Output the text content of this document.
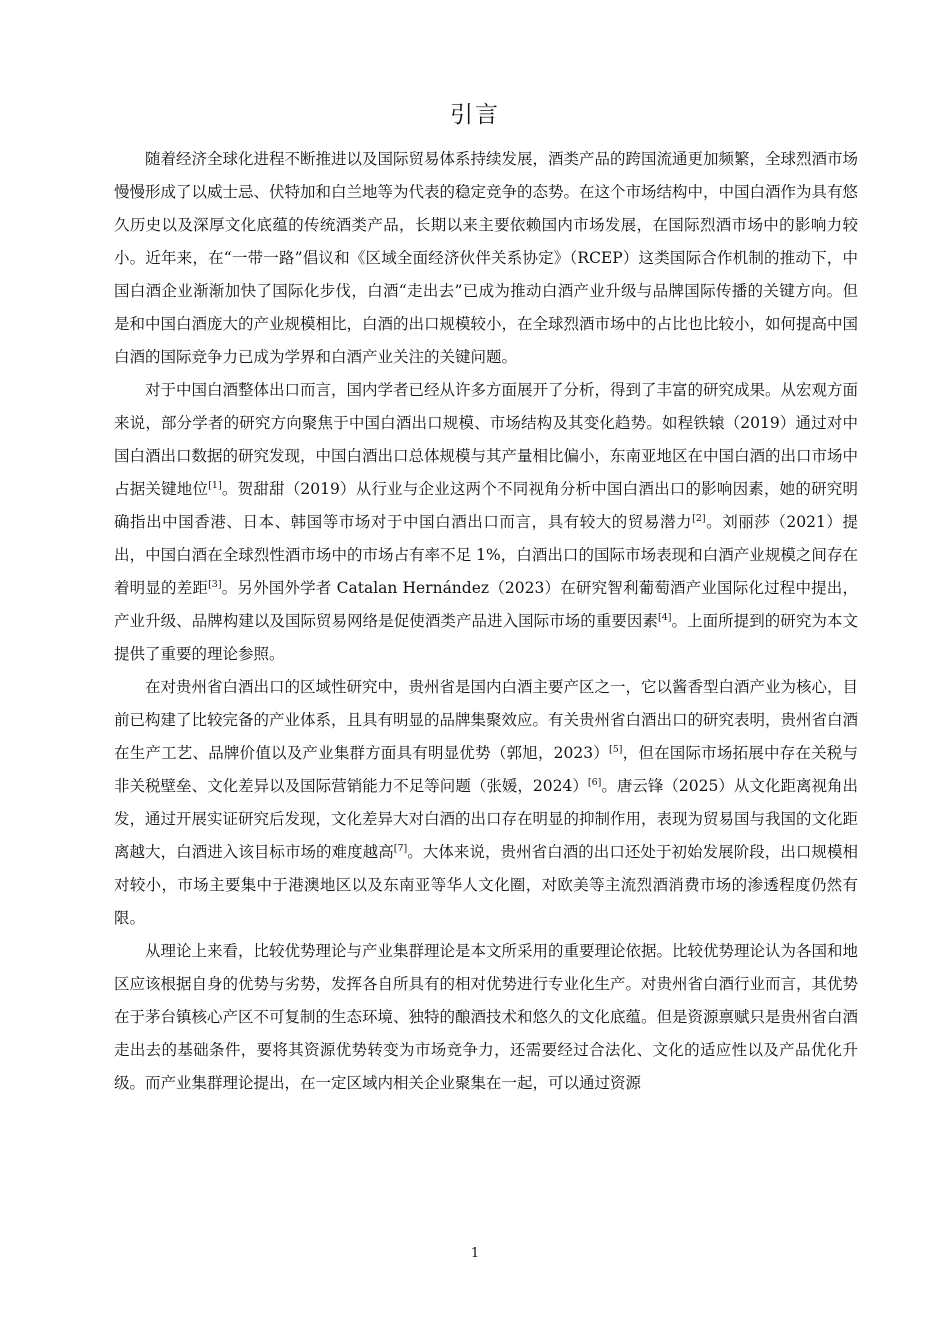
引言

随着经济全球化进程不断推进以及国际贸易体系持续发展，酒类产品的跨国流通更加频繁，全球烈酒市场慢慢形成了以威士忌、伏特加和白兰地等为代表的稳定竞争的态势。在这个市场结构中，中国白酒作为具有悠久历史以及深厚文化底蕴的传统酒类产品，长期以来主要依赖国内市场发展，在国际烈酒市场中的影响力较小。近年来，在“一带一路”倡议和《区域全面经济伙伴关系协定》（RCEP）这类国际合作机制的推动下，中国白酒企业渐渐加快了国际化步伐，白酒“走出去”已成为推动白酒产业升级与品牌国际传播的关键方向。但是和中国白酒庞大的产业规模相比，白酒的出口规模较小，在全球烈酒市场中的占比也比较小，如何提高中国白酒的国际竞争力已成为学界和白酒产业关注的关键问题。

对于中国白酒整体出口而言，国内学者已经从许多方面展开了分析，得到了丰富的研究成果。从宏观方面来说，部分学者的研究方向聚焦于中国白酒出口规模、市场结构及其变化趋势。如程铁辕（2019）通过对中国白酒出口数据的研究发现，中国白酒出口总体规模与其产量相比偏小，东南亚地区在中国白酒的出口市场中占据关键地位[1]。贺甜甜（2019）从行业与企业这两个不同视角分析中国白酒出口的影响因素，她的研究明确指出中国香港、日本、韩国等市场对于中国白酒出口而言，具有较大的贸易潜力[2]。刘丽莎（2021）提出，中国白酒在全球烈性酒市场中的市场占有率不足 1%，白酒出口的国际市场表现和白酒产业规模之间存在着明显的差距[3]。另外国外学者 Catalan Hernández（2023）在研究智利葡萄酒产业国际化过程中提出，产业升级、品牌构建以及国际贸易网络是促使酒类产品进入国际市场的重要因素[4]。上面所提到的研究为本文提供了重要的理论参照。

在对贵州省白酒出口的区域性研究中，贵州省是国内白酒主要产区之一，它以酱香型白酒产业为核心，目前已构建了比较完备的产业体系，且具有明显的品牌集聚效应。有关贵州省白酒出口的研究表明，贵州省白酒在生产工艺、品牌价值以及产业集群方面具有明显优势（郭旭，2023）[5]，但在国际市场拓展中存在关税与非关税壁垒、文化差异以及国际营销能力不足等问题（张媛，2024）[6]。唐云锋（2025）从文化距离视角出发，通过开展实证研究后发现，文化差异大对白酒的出口存在明显的抑制作用，表现为贸易国与我国的文化距离越大，白酒进入该目标市场的难度越高[7]。大体来说，贵州省白酒的出口还处于初始发展阶段，出口规模相对较小，市场主要集中于港澳地区以及东南亚等华人文化圈，对欧美等主流烈酒消费市场的渗透程度仍然有限。

从理论上来看，比较优势理论与产业集群理论是本文所采用的重要理论依据。比较优势理论认为各国和地区应该根据自身的优势与劣势，发挥各自所具有的相对优势进行专业化生产。对贵州省白酒行业而言，其优势在于茅台镇核心产区不可复制的生态环境、独特的酿酒技术和悠久的文化底蕴。但是资源禀赋只是贵州省白酒走出去的基础条件，要将其资源优势转变为市场竞争力，还需要经过合法化、文化的适应性以及产品优化升级。而产业集群理论提出，在一定区域内相关企业聚集在一起，可以通过资源

1
